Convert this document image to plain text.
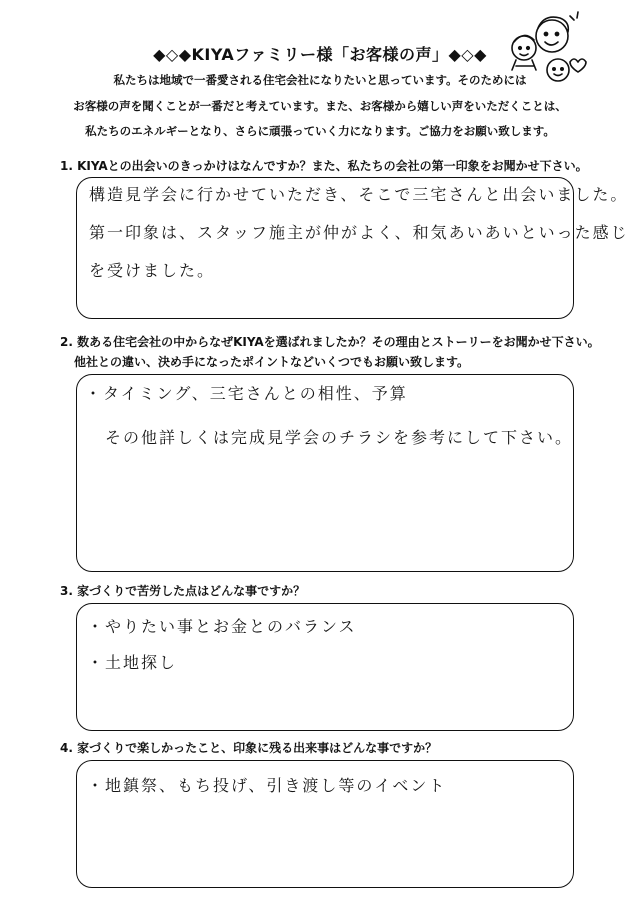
◆◇◆KIYAファミリー様「お客様の声」◆◇◆
私たちは地域で一番愛される住宅会社になりたいと思っています。そのためには
お客様の声を聞くことが一番だと考えています。また、お客様から嬉しい声をいただくことは、
私たちのエネルギーとなり、さらに頑張っていく力になります。ご協力をお願い致します。
1. KIYAとの出会いのきっかけはなんですか？また、私たちの会社の第一印象をお聞かせ下さい。
構造見学会に行かせていただき、そこで三宅さんと出会いました。
第一印象は、スタッフ施主が仲がよく、和気あいあいといった感じ
を受けました。
2. 数ある住宅会社の中からなぜKIYAを選ばれましたか？その理由とストーリーをお聞かせ下さい。
他社との違い、決め手になったポイントなどいくつでもお願い致します。
・タイミング、三宅さんとの相性、予算
その他詳しくは完成見学会のチラシを参考にして下さい。
3. 家づくりで苦労した点はどんな事ですか？
・やりたい事とお金とのバランス
・土地探し
4. 家づくりで楽しかったこと、印象に残る出来事はどんな事ですか？
・地鎮祭、もち投げ、引き渡し等のイベント
